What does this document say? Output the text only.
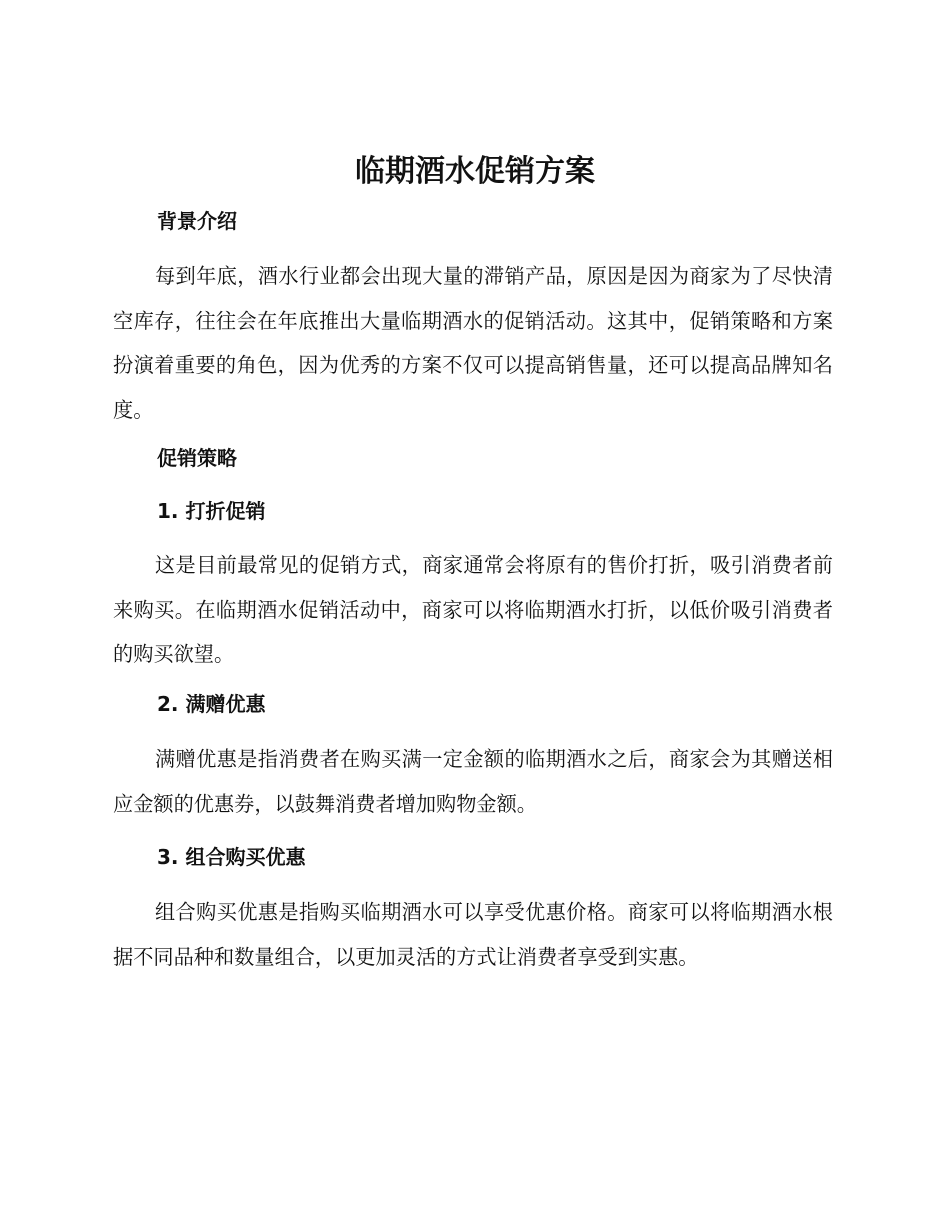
临期酒水促销方案
背景介绍

每到年底，酒水行业都会出现大量的滞销产品，原因是因为商家为了尽快清空库存，往往会在年底推出大量临期酒水的促销活动。这其中，促销策略和方案扮演着重要的角色，因为优秀的方案不仅可以提高销售量，还可以提高品牌知名度。

促销策略
1. 打折促销

这是目前最常见的促销方式，商家通常会将原有的售价打折，吸引消费者前来购买。在临期酒水促销活动中，商家可以将临期酒水打折，以低价吸引消费者的购买欲望。

2. 满赠优惠

满赠优惠是指消费者在购买满一定金额的临期酒水之后，商家会为其赠送相应金额的优惠券，以鼓舞消费者增加购物金额。

3. 组合购买优惠

组合购买优惠是指购买临期酒水可以享受优惠价格。商家可以将临期酒水根据不同品种和数量组合，以更加灵活的方式让消费者享受到实惠。
